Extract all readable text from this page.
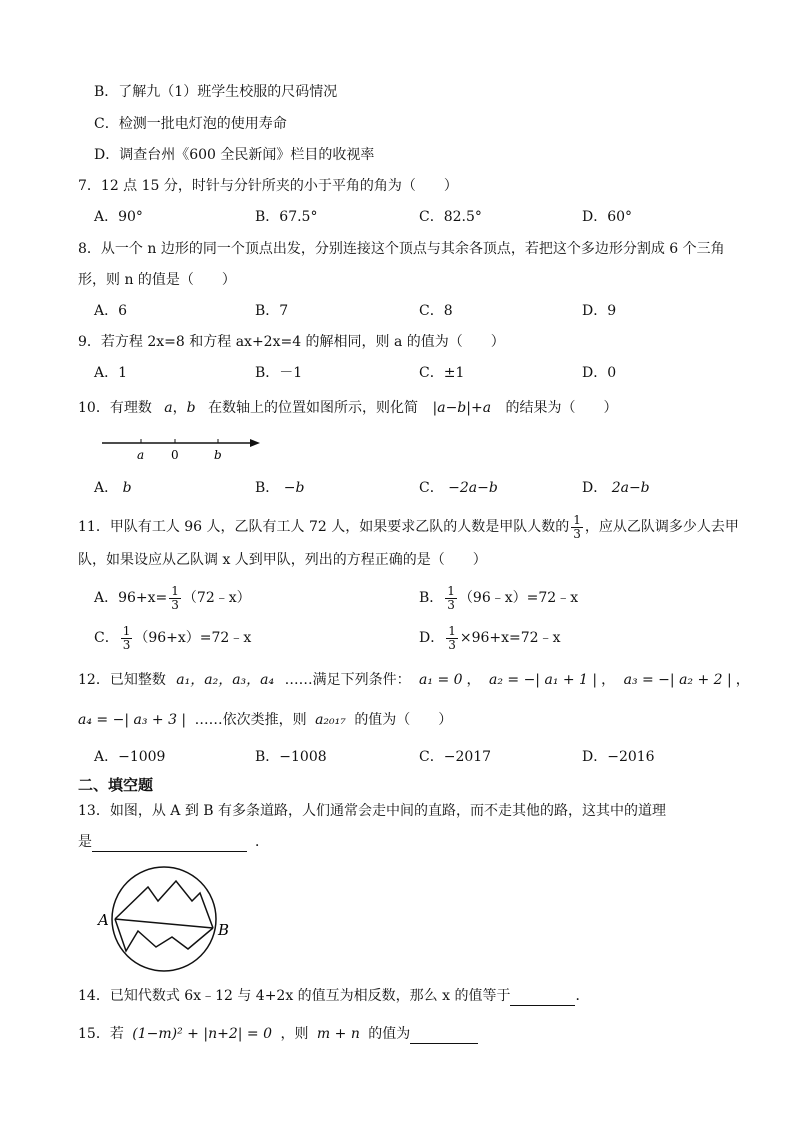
B．了解九（1）班学生校服的尺码情况
C．检测一批电灯泡的使用寿命
D．调查台州《600 全民新闻》栏目的收视率
7．12 点 15 分，时针与分针所夹的小于平角的角为（　　）
A．90°	B．67.5°	C．82.5°	D．60°
8．从一个 n 边形的同一个顶点出发，分别连接这个顶点与其余各顶点，若把这个多边形分割成 6 个三角
形，则 n 的值是（　　）
A．6	B．7	C．8	D．9
9．若方程 2x=8 和方程 ax+2x=4 的解相同，则 a 的值为（　　）
A．1	B．－1	C．±1	D．0
10．有理数 a，b 在数轴上的位置如图所示，则化简 |a−b|+a 的结果为（　　）
a 0	b
A． b	B． −b	C． −2a−b	D． 2a−b
11．甲队有工人 96 人，乙队有工人 72 人，如果要求乙队的人数是甲队人数的 $\frac{1}{3}$ ，应从乙队调多少人去甲
队，如果设应从乙队调 x 人到甲队，列出的方程正确的是（　　）
A．$96+x= \frac{1}{3}$ （72﹣x）	B． $\frac{1}{3}$ （96﹣x）=72﹣x
C． $\frac{1}{3}$ （96+x）=72﹣x	D． $\frac{1}{3}$ ×96+x=72﹣x
12．已知整数 a₁，a₂，a₃，a₄ ……满足下列条件： a₁ = 0 ， a₂ = −| a₁ + 1 | ， a₃ = −| a₂ + 2 | ，
a₄ = −| a₃ + 3 | ……依次类推，则 a₂₀₁₇ 的值为（　　）
A．−1009	B．−1008	C．−2017	D．−2016
二、填空题
13．如图，从 A 到 B 有多条道路，人们通常会走中间的直路，而不走其他的路，这其中的道理
是	．
A
B
14．已知代数式 6x﹣12 与 4+2x 的值互为相反数，那么 x 的值等于	．
15．若 (1−m)² + |n+2| = 0 ，则 m + n 的值为
